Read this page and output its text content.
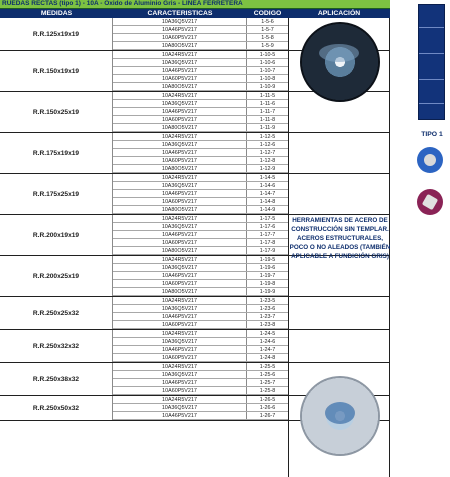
RUEDAS RECTAS (tipo 1) - 10A - Oxido de Aluminio Gris - LINEA FERRETERA
MEDIDAS	CARACTERISTICAS	CODIGO	APLICACIÓN
R.R.125x19x19
10A36Q5V217	1-5-6
10A46P5V217	1-5-7
10A60P5V217	1-5-8
10A80O5V217	1-5-9
R.R.150x19x19
10A24R5V217	1-10-5
10A36Q5V217	1-10-6
10A46P5V217	1-10-7
10A60P5V217	1-10-8
10A80O5V217	1-10-9
R.R.150x25x19
10A24R5V217	1-11-5
10A36Q5V217	1-11-6
10A46P5V217	1-11-7
10A60P5V217	1-11-8
10A80O5V217	1-11-9
R.R.175x19x19
10A24R5V217	1-12-5
10A36Q5V217	1-12-6
10A46P5V217	1-12-7
10A60P5V217	1-12-8
10A80O5V217	1-12-9
R.R.175x25x19
10A24R5V217	1-14-5
10A36Q5V217	1-14-6
10A46P5V217	1-14-7
10A60P5V217	1-14-8
10A80O5V217	1-14-9
R.R.200x19x19
10A24R5V217	1-17-5
10A36Q5V217	1-17-6
10A46P5V217	1-17-7
10A60P5V217	1-17-8
10A80O5V217	1-17-9
R.R.200x25x19
10A24R5V217	1-19-5
10A36Q5V217	1-19-6
10A46P5V217	1-19-7
10A60P5V217	1-19-8
10A80O5V217	1-19-9
R.R.250x25x32
10A24R5V217	1-23-5
10A36Q5V217	1-23-6
10A46P5V217	1-23-7
10A60P5V217	1-23-8
R.R.250x32x32
10A24R5V217	1-24-5
10A36Q5V217	1-24-6
10A46P5V217	1-24-7
10A60P5V217	1-24-8
R.R.250x38x32
10A24R5V217	1-25-5
10A36Q5V217	1-25-6
10A46P5V217	1-25-7
10A60P5V217	1-25-8
R.R.250x50x32
10A24R5V217	1-26-5
10A36Q5V217	1-26-6
10A46P5V217	1-26-7
HERRAMIENTAS DE ACERO DE CONSTRUCCIÓN SIN TEMPLAR. ACEROS ESTRUCTURALES, POCO O NO ALEADOS (TAMBIÉN APLICABLE A FUNDICIÓN GRIS)
TIPO 1
